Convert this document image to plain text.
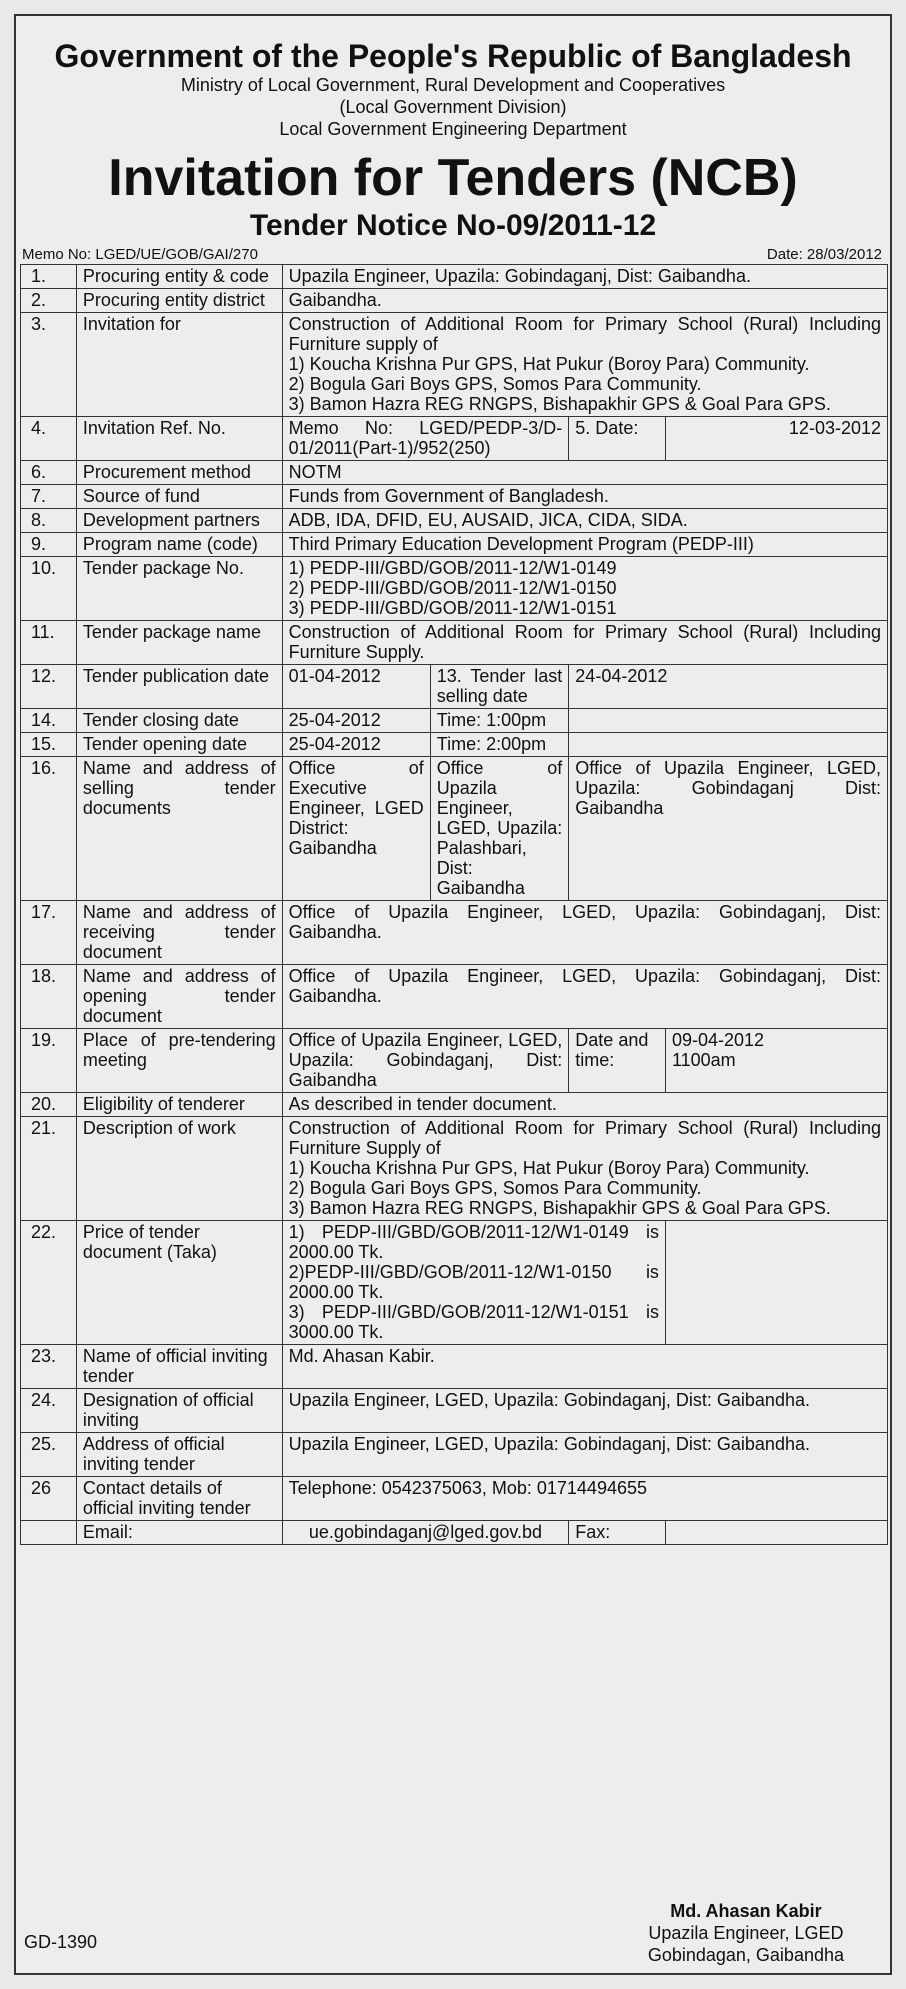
Government of the People's Republic of Bangladesh
Ministry of Local Government, Rural Development and Cooperatives
(Local Government Division)
Local Government Engineering Department
Invitation for Tenders (NCB)
Tender Notice No-09/2011-12
Memo No: LGED/UE/GOB/GAI/270	Date: 28/03/2012
1.	Procuring entity & code	Upazila Engineer, Upazila: Gobindaganj, Dist: Gaibandha.			
2.	Procuring entity district	Gaibandha.			
3.	Invitation for	Construction of Additional Room for Primary School (Rural) Including Furniture supply of
1) Koucha Krishna Pur GPS, Hat Pukur (Boroy Para) Community.
2) Bogula Gari Boys GPS, Somos Para Community.
3) Bamon Hazra REG RNGPS, Bishapakhir GPS & Goal Para GPS.			

4.	Invitation Ref. No.	Memo No: LGED/PEDP-3/D-01/2011(Part-1)/952(250)		5. Date:	12-03-2012
6.	Procurement method	NOTM			
7.	Source of fund	Funds from Government of Bangladesh.			
8.	Development partners	ADB, IDA, DFID, EU, AUSAID, JICA, CIDA, SIDA.			
9.	Program name (code)	Third Primary Education Development Program (PEDP-III)			
10.	Tender package No.	1) PEDP-III/GBD/GOB/2011-12/W1-0149
2) PEDP-III/GBD/GOB/2011-12/W1-0150
3) PEDP-III/GBD/GOB/2011-12/W1-0151			

11.	Tender package name	Construction of Additional Room for Primary School (Rural) Including Furniture Supply.			
12.	Tender publication date	01-04-2012	13. Tender last selling date	24-04-2012	
14.	Tender closing date	25-04-2012	Time: 1:00pm		
15.	Tender opening date	25-04-2012	Time: 2:00pm		
16.	Name and address of selling tender documents	Office of Executive Engineer, LGED District: Gaibandha	Office of Upazila Engineer, LGED, Upazila: Palashbari, Dist: Gaibandha	Office of Upazila Engineer, LGED, Upazila: Gobindaganj Dist: Gaibandha	
17.	Name and address of receiving tender document	Office of Upazila Engineer, LGED, Upazila: Gobindaganj, Dist: Gaibandha.			
18.	Name and address of opening tender document	Office of Upazila Engineer, LGED, Upazila: Gobindaganj, Dist: Gaibandha.			
19.	Place of pre-tendering meeting	Office of Upazila Engineer, LGED, Upazila: Gobindaganj, Dist: Gaibandha		Date and time:	09-04-2012
1100am

20.	Eligibility of tenderer	As described in tender document.			
21.	Description of work	Construction of Additional Room for Primary School (Rural) Including Furniture Supply of
1) Koucha Krishna Pur GPS, Hat Pukur (Boroy Para) Community.
2) Bogula Gari Boys GPS, Somos Para Community.
3) Bamon Hazra REG RNGPS, Bishapakhir GPS & Goal Para GPS.			

22.	Price of tender document (Taka)	1) PEDP-III/GBD/GOB/2011-12/W1-0149 is 2000.00 Tk.
2)PEDP-III/GBD/GOB/2011-12/W1-0150 is 2000.00 Tk.
3) PEDP-III/GBD/GOB/2011-12/W1-0151 is 3000.00 Tk.			

23.	Name of official inviting tender	Md. Ahasan Kabir.			
24.	Designation of official inviting	Upazila Engineer, LGED, Upazila: Gobindaganj, Dist: Gaibandha.			
25.	Address of official inviting tender	Upazila Engineer, LGED, Upazila: Gobindaganj, Dist: Gaibandha.			
26	Contact details of official inviting tender	Telephone: 0542375063, Mob: 01714494655			
	Email:	ue.gobindaganj@lged.gov.bd		Fax:	
GD-1390
Md. Ahasan Kabir
Upazila Engineer, LGED
Gobindagan, Gaibandha
